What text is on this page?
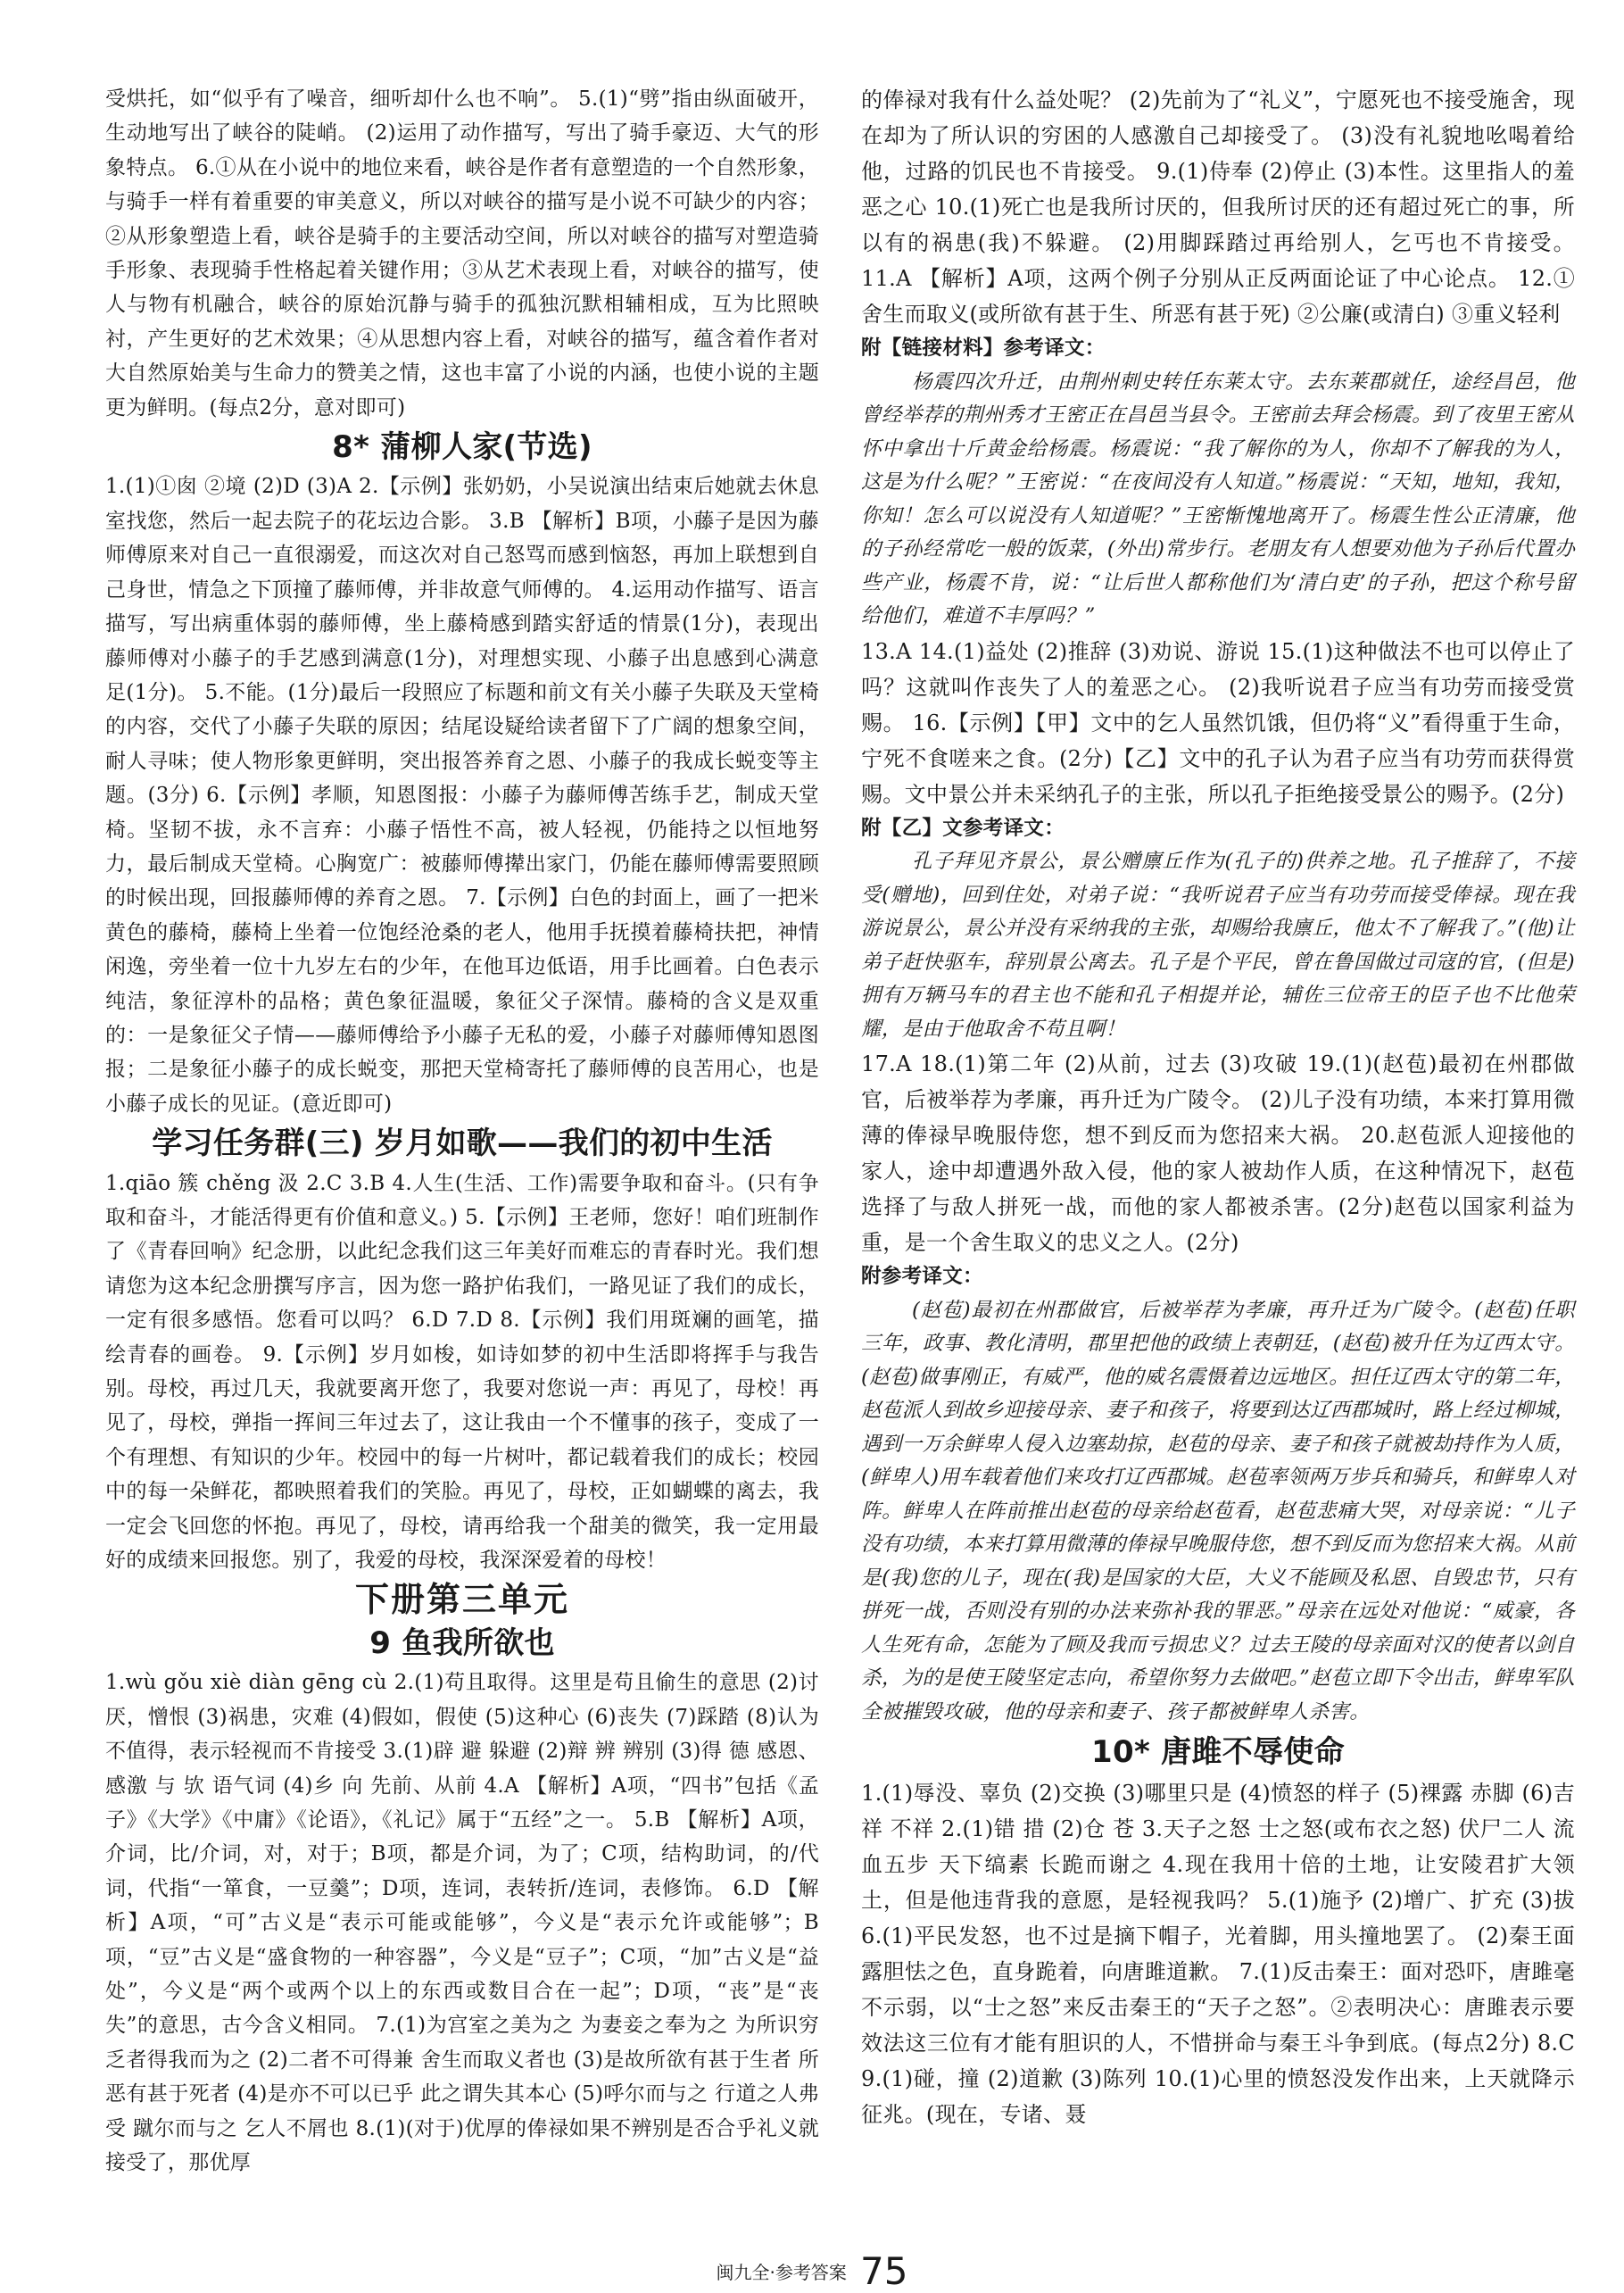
受烘托，如“似乎有了噪音，细听却什么也不响”。 5.(1)“劈”指由纵面破开，生动地写出了峡谷的陡峭。 (2)运用了动作描写，写出了骑手豪迈、大气的形象特点。 6.①从在小说中的地位来看，峡谷是作者有意塑造的一个自然形象，与骑手一样有着重要的审美意义，所以对峡谷的描写是小说不可缺少的内容；②从形象塑造上看，峡谷是骑手的主要活动空间，所以对峡谷的描写对塑造骑手形象、表现骑手性格起着关键作用；③从艺术表现上看，对峡谷的描写，使人与物有机融合，峡谷的原始沉静与骑手的孤独沉默相辅相成，互为比照映衬，产生更好的艺术效果；④从思想内容上看，对峡谷的描写，蕴含着作者对大自然原始美与生命力的赞美之情，这也丰富了小说的内涵，也使小说的主题更为鲜明。(每点2分，意对即可)

8* 蒲柳人家(节选)

1.(1)①囱 ②境 (2)D (3)A 2.【示例】张奶奶，小吴说演出结束后她就去休息室找您，然后一起去院子的花坛边合影。 3.B 【解析】B项，小藤子是因为藤师傅原来对自己一直很溺爱，而这次对自己怒骂而感到恼怒，再加上联想到自己身世，情急之下顶撞了藤师傅，并非故意气师傅的。 4.运用动作描写、语言描写，写出病重体弱的藤师傅，坐上藤椅感到踏实舒适的情景(1分)，表现出藤师傅对小藤子的手艺感到满意(1分)，对理想实现、小藤子出息感到心满意足(1分)。 5.不能。(1分)最后一段照应了标题和前文有关小藤子失联及天堂椅的内容，交代了小藤子失联的原因；结尾设疑给读者留下了广阔的想象空间，耐人寻味；使人物形象更鲜明，突出报答养育之恩、小藤子的我成长蜕变等主题。(3分) 6.【示例】孝顺，知恩图报：小藤子为藤师傅苦练手艺，制成天堂椅。坚韧不拔，永不言弃：小藤子悟性不高，被人轻视，仍能持之以恒地努力，最后制成天堂椅。心胸宽广：被藤师傅撵出家门，仍能在藤师傅需要照顾的时候出现，回报藤师傅的养育之恩。 7.【示例】白色的封面上，画了一把米黄色的藤椅，藤椅上坐着一位饱经沧桑的老人，他用手抚摸着藤椅扶把，神情闲逸，旁坐着一位十九岁左右的少年，在他耳边低语，用手比画着。白色表示纯洁，象征淳朴的品格；黄色象征温暖，象征父子深情。藤椅的含义是双重的：一是象征父子情——藤师傅给予小藤子无私的爱，小藤子对藤师傅知恩图报；二是象征小藤子的成长蜕变，那把天堂椅寄托了藤师傅的良苦用心，也是小藤子成长的见证。(意近即可)

学习任务群(三) 岁月如歌——我们的初中生活

1.qiāo 簇 chěng 汲 2.C 3.B 4.人生(生活、工作)需要争取和奋斗。(只有争取和奋斗，才能活得更有价值和意义。) 5.【示例】王老师，您好！咱们班制作了《青春回响》纪念册，以此纪念我们这三年美好而难忘的青春时光。我们想请您为这本纪念册撰写序言，因为您一路护佑我们，一路见证了我们的成长，一定有很多感悟。您看可以吗？ 6.D 7.D 8.【示例】我们用斑斓的画笔，描绘青春的画卷。 9.【示例】岁月如梭，如诗如梦的初中生活即将挥手与我告别。母校，再过几天，我就要离开您了，我要对您说一声：再见了，母校！再见了，母校，弹指一挥间三年过去了，这让我由一个不懂事的孩子，变成了一个有理想、有知识的少年。校园中的每一片树叶，都记载着我们的成长；校园中的每一朵鲜花，都映照着我们的笑脸。再见了，母校，正如蝴蝶的离去，我一定会飞回您的怀抱。再见了，母校，请再给我一个甜美的微笑，我一定用最好的成绩来回报您。别了，我爱的母校，我深深爱着的母校！

下册第三单元
9 鱼我所欲也

1.wù gǒu xiè diàn gēng cù 2.(1)苟且取得。这里是苟且偷生的意思 (2)讨厌，憎恨 (3)祸患，灾难 (4)假如，假使 (5)这种心 (6)丧失 (7)踩踏 (8)认为不值得，表示轻视而不肯接受 3.(1)辟 避 躲避 (2)辩 辨 辨别 (3)得 德 感恩、感激 与 欤 语气词 (4)乡 向 先前、从前 4.A 【解析】A项，“四书”包括《孟子》《大学》《中庸》《论语》，《礼记》属于“五经”之一。 5.B 【解析】A项，介词，比/介词，对，对于；B项，都是介词，为了；C项，结构助词，的/代词，代指“一箪食，一豆羹”；D项，连词，表转折/连词，表修饰。 6.D 【解析】A项，“可”古义是“表示可能或能够”，今义是“表示允许或能够”；B项，“豆”古义是“盛食物的一种容器”，今义是“豆子”；C项，“加”古义是“益处”，今义是“两个或两个以上的东西或数目合在一起”；D项，“丧”是“丧失”的意思，古今含义相同。 7.(1)为宫室之美为之 为妻妾之奉为之 为所识穷乏者得我而为之 (2)二者不可得兼 舍生而取义者也 (3)是故所欲有甚于生者 所恶有甚于死者 (4)是亦不可以已乎 此之谓失其本心 (5)呼尔而与之 行道之人弗受 蹴尔而与之 乞人不屑也 8.(1)(对于)优厚的俸禄如果不辨别是否合乎礼义就接受了，那优厚

的俸禄对我有什么益处呢？ (2)先前为了“礼义”，宁愿死也不接受施舍，现在却为了所认识的穷困的人感激自己却接受了。 (3)没有礼貌地吆喝着给他，过路的饥民也不肯接受。 9.(1)侍奉 (2)停止 (3)本性。这里指人的羞恶之心 10.(1)死亡也是我所讨厌的，但我所讨厌的还有超过死亡的事，所以有的祸患(我)不躲避。 (2)用脚踩踏过再给别人，乞丐也不肯接受。 11.A 【解析】A项，这两个例子分别从正反两面论证了中心论点。 12.①舍生而取义(或所欲有甚于生、所恶有甚于死) ②公廉(或清白) ③重义轻利

附【链接材料】参考译文：

杨震四次升迁，由荆州刺史转任东莱太守。去东莱郡就任，途经昌邑，他曾经举荐的荆州秀才王密正在昌邑当县令。王密前去拜会杨震。到了夜里王密从怀中拿出十斤黄金给杨震。杨震说：“我了解你的为人，你却不了解我的为人，这是为什么呢？”王密说：“在夜间没有人知道。”杨震说：“天知，地知，我知，你知！怎么可以说没有人知道呢？”王密惭愧地离开了。杨震生性公正清廉，他的子孙经常吃一般的饭菜，(外出)常步行。老朋友有人想要劝他为子孙后代置办些产业，杨震不肯，说：“让后世人都称他们为‘清白吏’的子孙，把这个称号留给他们，难道不丰厚吗？”

13.A 14.(1)益处 (2)推辞 (3)劝说、游说 15.(1)这种做法不也可以停止了吗？这就叫作丧失了人的羞恶之心。 (2)我听说君子应当有功劳而接受赏赐。 16.【示例】【甲】文中的乞人虽然饥饿，但仍将“义”看得重于生命，宁死不食嗟来之食。(2分)【乙】文中的孔子认为君子应当有功劳而获得赏赐。文中景公并未采纳孔子的主张，所以孔子拒绝接受景公的赐予。(2分)

附【乙】文参考译文：

孔子拜见齐景公，景公赠廪丘作为(孔子的)供养之地。孔子推辞了，不接受(赠地)，回到住处，对弟子说：“我听说君子应当有功劳而接受俸禄。现在我游说景公，景公并没有采纳我的主张，却赐给我廪丘，他太不了解我了。”(他)让弟子赶快驱车，辞别景公离去。孔子是个平民，曾在鲁国做过司寇的官，(但是)拥有万辆马车的君主也不能和孔子相提并论，辅佐三位帝王的臣子也不比他荣耀，是由于他取舍不苟且啊！

17.A 18.(1)第二年 (2)从前，过去 (3)攻破 19.(1)(赵苞)最初在州郡做官，后被举荐为孝廉，再升迁为广陵令。 (2)儿子没有功绩，本来打算用微薄的俸禄早晚服侍您，想不到反而为您招来大祸。 20.赵苞派人迎接他的家人，途中却遭遇外敌入侵，他的家人被劫作人质，在这种情况下，赵苞选择了与敌人拼死一战，而他的家人都被杀害。(2分)赵苞以国家利益为重，是一个舍生取义的忠义之人。(2分)

附参考译文：

(赵苞)最初在州郡做官，后被举荐为孝廉，再升迁为广陵令。(赵苞)任职三年，政事、教化清明，郡里把他的政绩上表朝廷，(赵苞)被升任为辽西太守。(赵苞)做事刚正，有威严，他的威名震慑着边远地区。担任辽西太守的第二年，赵苞派人到故乡迎接母亲、妻子和孩子，将要到达辽西郡城时，路上经过柳城，遇到一万余鲜卑人侵入边塞劫掠，赵苞的母亲、妻子和孩子就被劫持作为人质，(鲜卑人)用车载着他们来攻打辽西郡城。赵苞率领两万步兵和骑兵，和鲜卑人对阵。鲜卑人在阵前推出赵苞的母亲给赵苞看，赵苞悲痛大哭，对母亲说：“儿子没有功绩，本来打算用微薄的俸禄早晚服侍您，想不到反而为您招来大祸。从前是(我)您的儿子，现在(我)是国家的大臣，大义不能顾及私恩、自毁忠节，只有拼死一战，否则没有别的办法来弥补我的罪恶。”母亲在远处对他说：“威豪，各人生死有命，怎能为了顾及我而亏损忠义？过去王陵的母亲面对汉的使者以剑自杀，为的是使王陵坚定志向，希望你努力去做吧。”赵苞立即下令出击，鲜卑军队全被摧毁攻破，他的母亲和妻子、孩子都被鲜卑人杀害。

10* 唐雎不辱使命

1.(1)辱没、辜负 (2)交换 (3)哪里只是 (4)愤怒的样子 (5)裸露 赤脚 (6)吉祥 不祥 2.(1)错 措 (2)仓 苍 3.天子之怒 士之怒(或布衣之怒) 伏尸二人 流血五步 天下缟素 长跪而谢之 4.现在我用十倍的土地，让安陵君扩大领土，但是他违背我的意愿，是轻视我吗？ 5.(1)施予 (2)增广、扩充 (3)拔 6.(1)平民发怒，也不过是摘下帽子，光着脚，用头撞地罢了。 (2)秦王面露胆怯之色，直身跪着，向唐雎道歉。 7.(1)反击秦王：面对恐吓，唐雎毫不示弱，以“士之怒”来反击秦王的“天子之怒”。②表明决心：唐雎表示要效法这三位有才能有胆识的人，不惜拼命与秦王斗争到底。(每点2分) 8.C 9.(1)碰，撞 (2)道歉 (3)陈列 10.(1)心里的愤怒没发作出来，上天就降示征兆。(现在，专诸、聂

闽九全·参考答案 75
